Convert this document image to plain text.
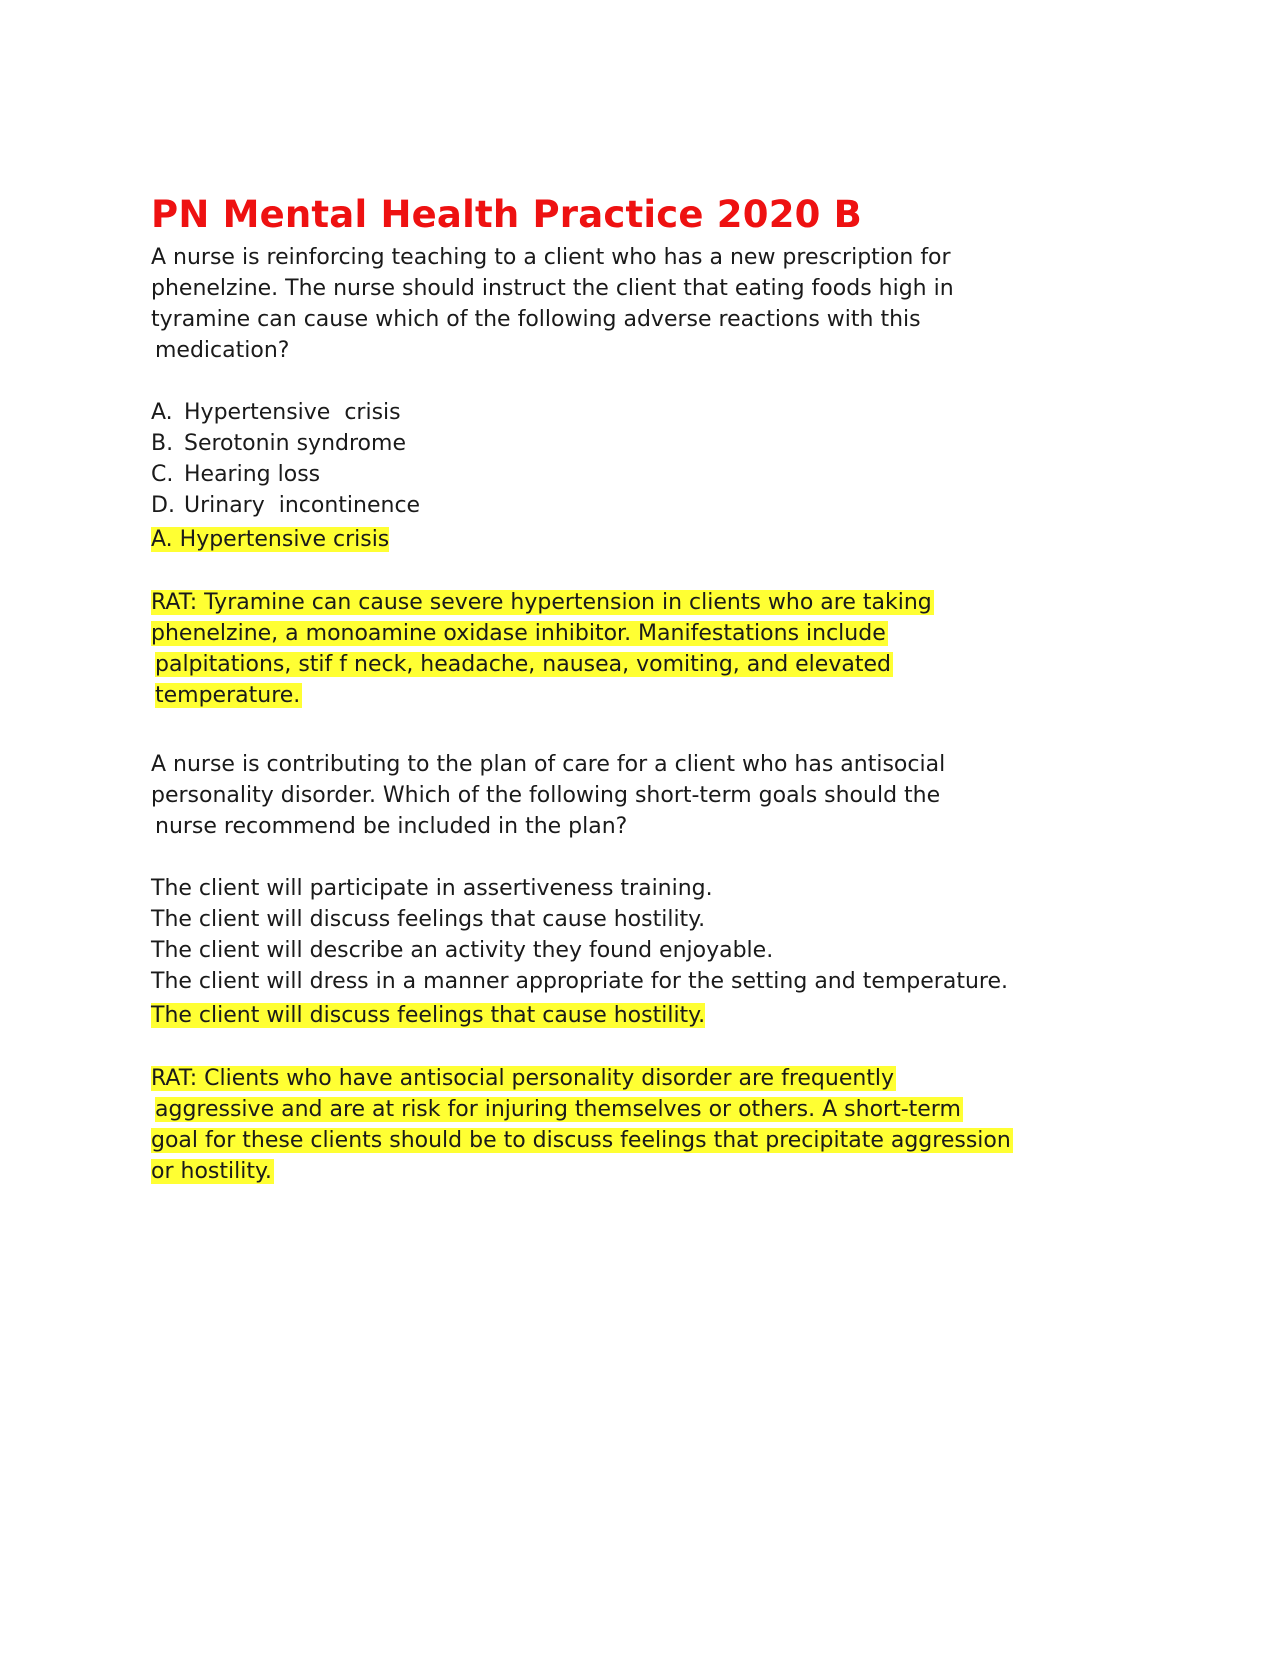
PN Mental Health Practice 2020 B
A nurse is reinforcing teaching to a client who has a new prescription for
phenelzine. The nurse should instruct the client that eating foods high in
tyramine can cause which of the following adverse reactions with this
medication?
A. Hypertensive  crisis
B. Serotonin syndrome
C. Hearing loss
D. Urinary  incontinence

A. Hypertensive crisis

RAT: Tyramine can cause severe hypertension in clients who are taking
phenelzine, a monoamine oxidase inhibitor. Manifestations include
palpitations, stif f neck, headache, nausea, vomiting, and elevated
temperature.
A nurse is contributing to the plan of care for a client who has antisocial
personality disorder. Which of the following short-term goals should the
nurse recommend be included in the plan?
The client will participate in assertiveness training.
The client will discuss feelings that cause hostility.
The client will describe an activity they found enjoyable.
The client will dress in a manner appropriate for the setting and temperature.

The client will discuss feelings that cause hostility.

RAT: Clients who have antisocial personality disorder are frequently
aggressive and are at risk for injuring themselves or others. A short-term
goal for these clients should be to discuss feelings that precipitate aggression
or hostility.
